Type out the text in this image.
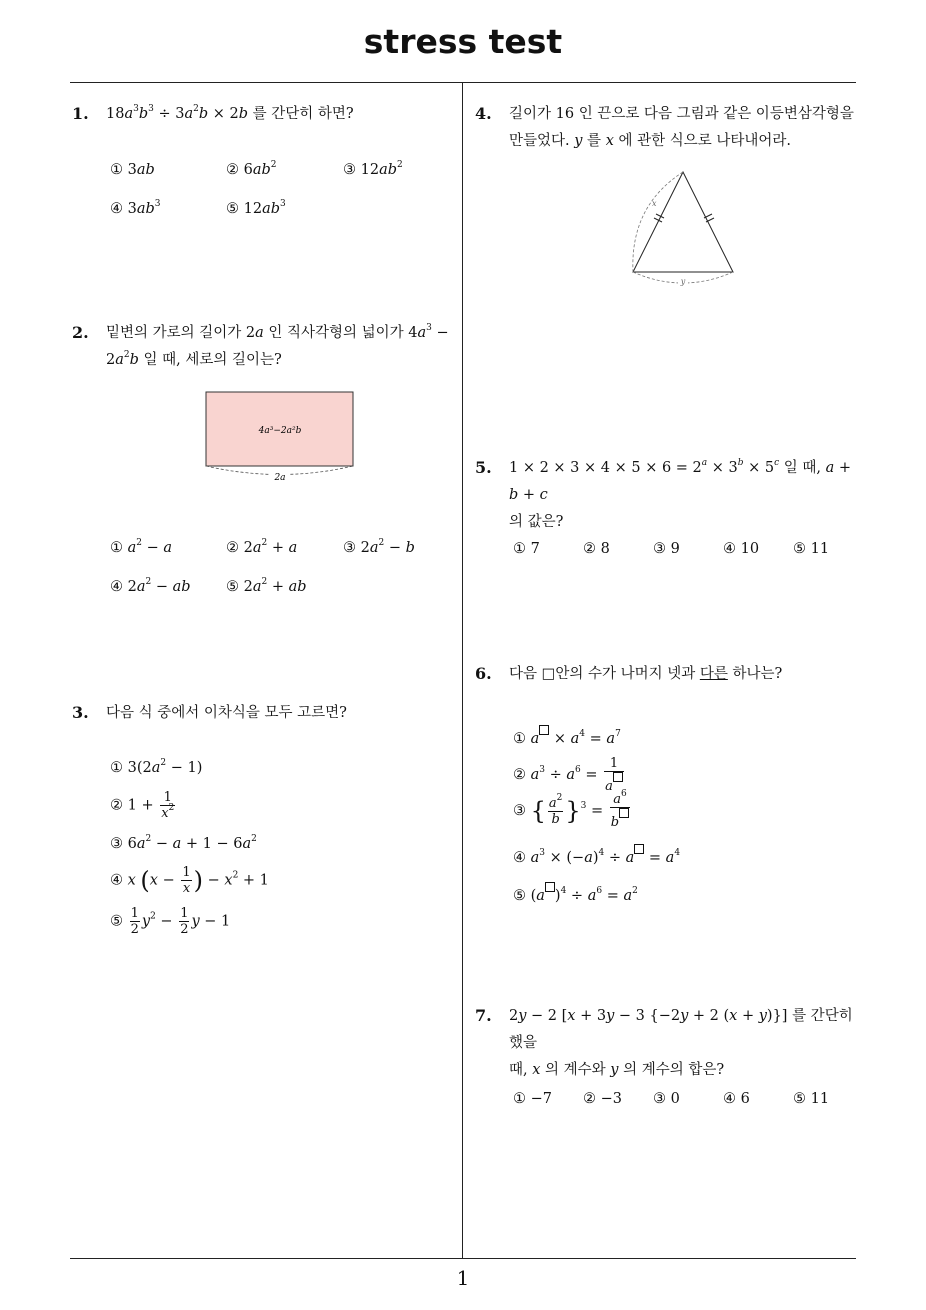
stress test
1
1. $18a^3b^3 \div 3a^2b \times 2b$ 를 간단히 하면?
① 3ab	② $6ab^2$	③ $12ab^2$
④ $3ab^3$	⑤ $12ab^3$
2. 밑변의 가로의 길이가 2a 인 직사각형의 넓이가 $4a^3$ −
$2a^2b$ 일 때, 세로의 길이는?
4a³−2a²b
2a
① $a^2 - a$	② $2a^2 + a$	③ $2a^2 - b$
④ $2a^2$ − ab ⑤ $2a^2$ + ab
3. 다음 식 중에서 이차식을 모두 고르면?
① $3(2a^2 - 1)$
② $1 + \frac{1}{x^2}$
③ $6a^2 - a + 1 - 6a^2$
④ x ($x - \frac{1}{x}$ ) − $x^2 + 1$
⑤ $\frac{1}{2} y^2 - \frac{1}{2}$ y − 1
4. 길이가 16 인 끈으로 다음 그림과 같은 이등변삼각형을
만들었다. y 를 x 에 관한 식으로 나타내어라.
x
y
5. $1 \times 2 \times 3 \times 4 \times 5 \times 6 = 2^a \times 3^b \times 5^c$ 일 때, a + b + c
의 값은?
① 7	② 8	③ 9	④ 10 ⑤ 11
6. 다음 □안의 수가 나머지 넷과 다른 하나는?
① $a \times a^4 = a^7$
② $a^3 \div a^6 = \frac{1}{a}$
③ { $\frac{a^2}{b} \}^3 = \frac{a^6}{b}$
④ $a^3 \times (-a)^4 \div a = a^4$
⑤ (a )$^4 \div a^6 = a^2$
7. 2y − 2 [x + 3y − 3 {−2y + 2 (x + y)}] 를 간단히 했을
때, x 의 계수와 y 의 계수의 합은?
① −7 ② −3 ③ 0	④ 6	⑤ 11
